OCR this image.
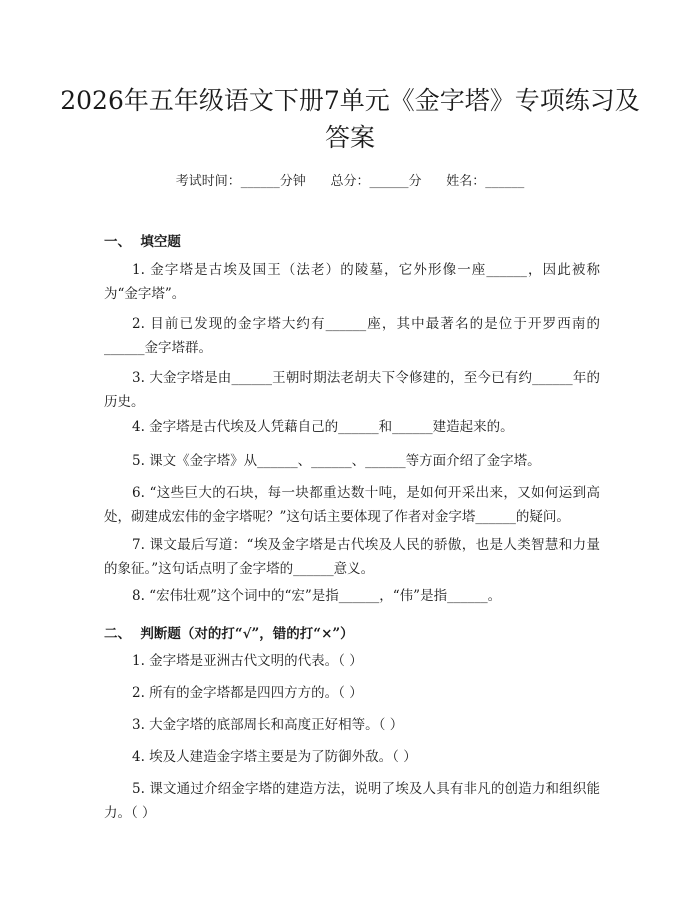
2026年五年级语文下册7单元《金字塔》专项练习及答案
考试时间：______分钟      总分：______分      姓名：______
一、  填空题

1. 金字塔是古埃及国王（法老）的陵墓，它外形像一座______，因此被称为“金字塔”。

2. 目前已发现的金字塔大约有______座，其中最著名的是位于开罗西南的______金字塔群。

3. 大金字塔是由______王朝时期法老胡夫下令修建的，至今已有约______年的历史。

4. 金字塔是古代埃及人凭藉自己的______和______建造起来的。

5. 课文《金字塔》从______、______、______等方面介绍了金字塔。

6. “这些巨大的石块，每一块都重达数十吨，是如何开采出来，又如何运到高处，砌建成宏伟的金字塔呢？”这句话主要体现了作者对金字塔______的疑问。

7. 课文最后写道：“埃及金字塔是古代埃及人民的骄傲，也是人类智慧和力量的象征。”这句话点明了金字塔的______意义。

8. “宏伟壮观”这个词中的“宏”是指______，“伟”是指______。

二、  判断题（对的打“√”，错的打“×”）

1. 金字塔是亚洲古代文明的代表。（ ）

2. 所有的金字塔都是四四方方的。（ ）

3. 大金字塔的底部周长和高度正好相等。（ ）

4. 埃及人建造金字塔主要是为了防御外敌。（ ）

5. 课文通过介绍金字塔的建造方法，说明了埃及人具有非凡的创造力和组织能力。（ ）
